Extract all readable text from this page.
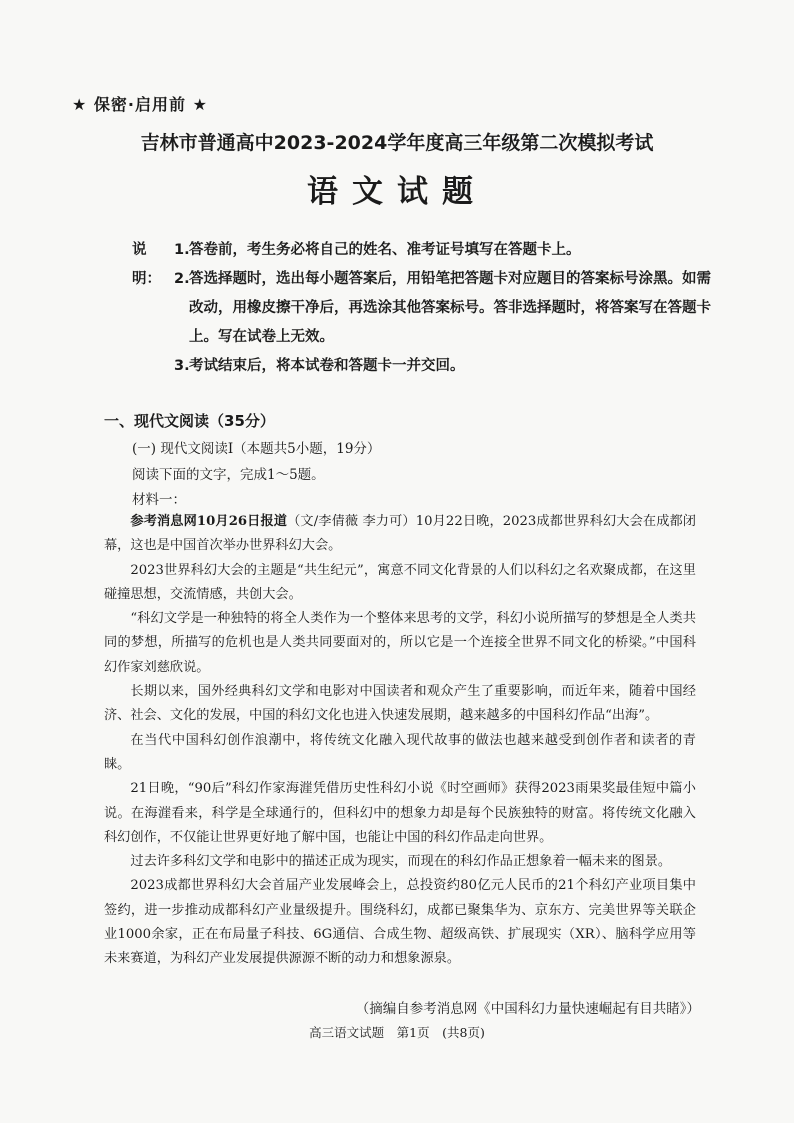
★ 保密·启用前 ★
吉林市普通高中2023-2024学年度高三年级第二次模拟考试
语文试题
说明：
1. 答卷前，考生务必将自己的姓名、准考证号填写在答题卡上。
2. 答选择题时，选出每小题答案后，用铅笔把答题卡对应题目的答案标号涂黑。如需改动，用橡皮擦干净后，再选涂其他答案标号。答非选择题时，将答案写在答题卡上。写在试卷上无效。
3. 考试结束后，将本试卷和答题卡一并交回。
一、现代文阅读（35分）
(一) 现代文阅读Ⅰ（本题共5小题，19分）
阅读下面的文字，完成1～5题。
材料一：

参考消息网10月26日报道（文/李倩薇 李力可）10月22日晚，2023成都世界科幻大会在成都闭幕，这也是中国首次举办世界科幻大会。

2023世界科幻大会的主题是“共生纪元”，寓意不同文化背景的人们以科幻之名欢聚成都，在这里碰撞思想，交流情感，共创大会。

“科幻文学是一种独特的将全人类作为一个整体来思考的文学，科幻小说所描写的梦想是全人类共同的梦想，所描写的危机也是人类共同要面对的，所以它是一个连接全世界不同文化的桥梁。”中国科幻作家刘慈欣说。

长期以来，国外经典科幻文学和电影对中国读者和观众产生了重要影响，而近年来，随着中国经济、社会、文化的发展，中国的科幻文化也进入快速发展期，越来越多的中国科幻作品“出海”。

在当代中国科幻创作浪潮中，将传统文化融入现代故事的做法也越来越受到创作者和读者的青睐。

21日晚，“90后”科幻作家海漄凭借历史性科幻小说《时空画师》获得2023雨果奖最佳短中篇小说。在海漄看来，科学是全球通行的，但科幻中的想象力却是每个民族独特的财富。将传统文化融入科幻创作，不仅能让世界更好地了解中国，也能让中国的科幻作品走向世界。

过去许多科幻文学和电影中的描述正成为现实，而现在的科幻作品正想象着一幅未来的图景。

2023成都世界科幻大会首届产业发展峰会上，总投资约80亿元人民币的21个科幻产业项目集中签约，进一步推动成都科幻产业量级提升。围绕科幻，成都已聚集华为、京东方、完美世界等关联企业1000余家，正在布局量子科技、6G通信、合成生物、超级高铁、扩展现实（XR）、脑科学应用等未来赛道，为科幻产业发展提供源源不断的动力和想象源泉。

（摘编自参考消息网《中国科幻力量快速崛起有目共睹》）
高三语文试题　第1页　(共8页)
